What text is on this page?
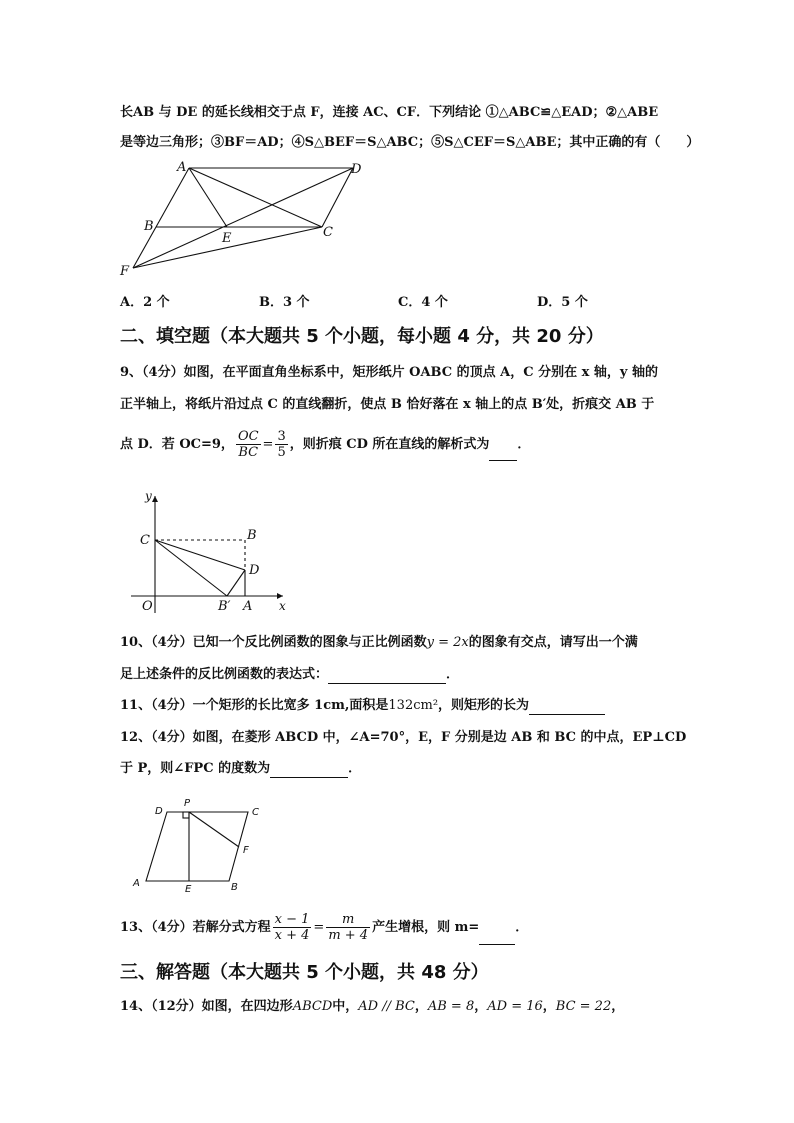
长AB 与 DE 的延长线相交于点 F，连接 AC、CF．下列结论 ①△ABC≌△EAD；②△ABE
是等边三角形；③BF＝AD；④S△BEF＝S△ABC；⑤S△CEF＝S△ABE；其中正确的有（　　）
A	D
B
E	C
F
A．2 个	B．3 个	C．4 个	D．5 个
二、填空题（本大题共 5 个小题，每小题 4 分，共 20 分）
9、（4分）如图，在平面直角坐标系中，矩形纸片 OABC 的顶点 A，C 分别在 x 轴，y 轴的
正半轴上，将纸片沿过点 C 的直线翻折，使点 B 恰好落在 x 轴上的点 B′处，折痕交 AB 于
点 D．若 OC=9， $\frac{OC}{BC} = \frac{3}{5}$ ，则折痕 CD 所在直线的解析式为 ．
y
C	B
D
O	B′ A x
10、（4分）已知一个反比例函数的图象与正比例函数y = 2x的图象有交点，请写出一个满
足上述条件的反比例函数的表达式：	．
11、（4分）一个矩形的长比宽多 1cm,面积是132cm²，则矩形的长为
12、（4分）如图，在菱形 ABCD 中，∠A=70°，E，F 分别是边 AB 和 BC 的中点，EP⊥CD
于 P，则∠FPC 的度数为	．
D
P
C
F
A
E	B
13、（4分）若解分式方程 $\frac{x - 1}{x + 4} = \frac{m}{m + 4}$ 产生增根，则 m=	．
三、解答题（本大题共 5 个小题，共 48 分）
14、（12分）如图，在四边形ABCD中，AD // BC，AB = 8，AD = 16，BC = 22，
